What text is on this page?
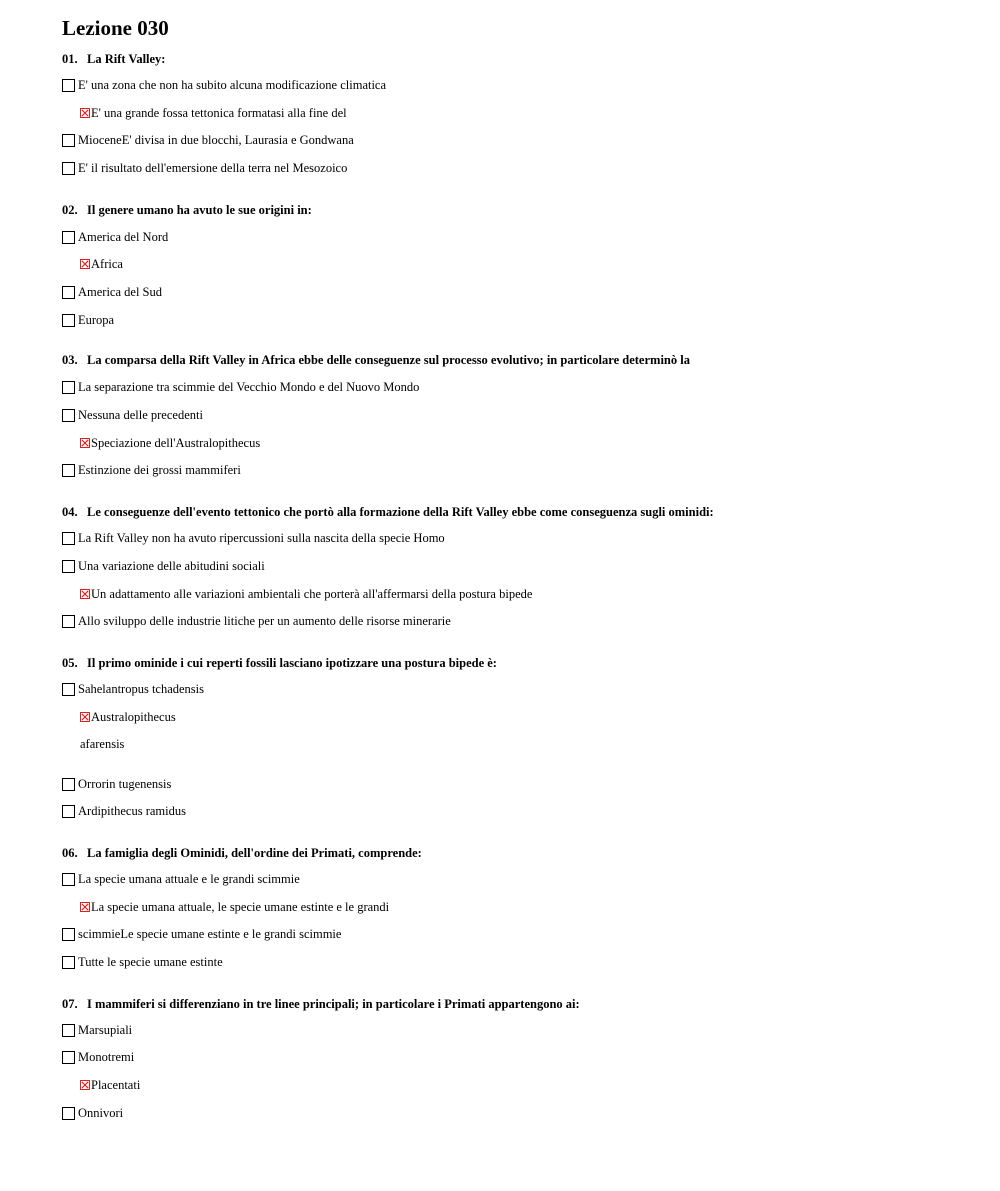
Lezione 030
01. La Rift Valley:
E' una zona che non ha subito alcuna modificazione climatica
E' una grande fossa tettonica formatasi alla fine del
MioceneE' divisa in due blocchi, Laurasia e Gondwana
E' il risultato dell'emersione della terra nel Mesozoico
02. Il genere umano ha avuto le sue origini in:
America del Nord
Africa
America del Sud
Europa
03. La comparsa della Rift Valley in Africa ebbe delle conseguenze sul processo evolutivo; in particolare determinò la
La separazione tra scimmie del Vecchio Mondo e del Nuovo Mondo
Nessuna delle precedenti
Speciazione dell'Australopithecus
Estinzione dei grossi mammiferi
04. Le conseguenze dell'evento tettonico che portò alla formazione della Rift Valley ebbe come conseguenza sugli ominidi:
La Rift Valley non ha avuto ripercussioni sulla nascita della specie Homo
Una variazione delle abitudini sociali
Un adattamento alle variazioni ambientali che porterà all'affermarsi della postura bipede
Allo sviluppo delle industrie litiche per un aumento delle risorse minerarie
05. Il primo ominide i cui reperti fossili lasciano ipotizzare una postura bipede è:
Sahelantropus tchadensis
Australopithecus
afarensis
Orrorin tugenensis
Ardipithecus ramidus
06. La famiglia degli Ominidi, dell'ordine dei Primati, comprende:
La specie umana attuale e le grandi scimmie
La specie umana attuale, le specie umane estinte e le grandi
scimmieLe specie umane estinte e le grandi scimmie
Tutte le specie umane estinte
07. I mammiferi si differenziano in tre linee principali; in particolare i Primati appartengono ai:
Marsupiali
Monotremi
Placentati
Onnivori
